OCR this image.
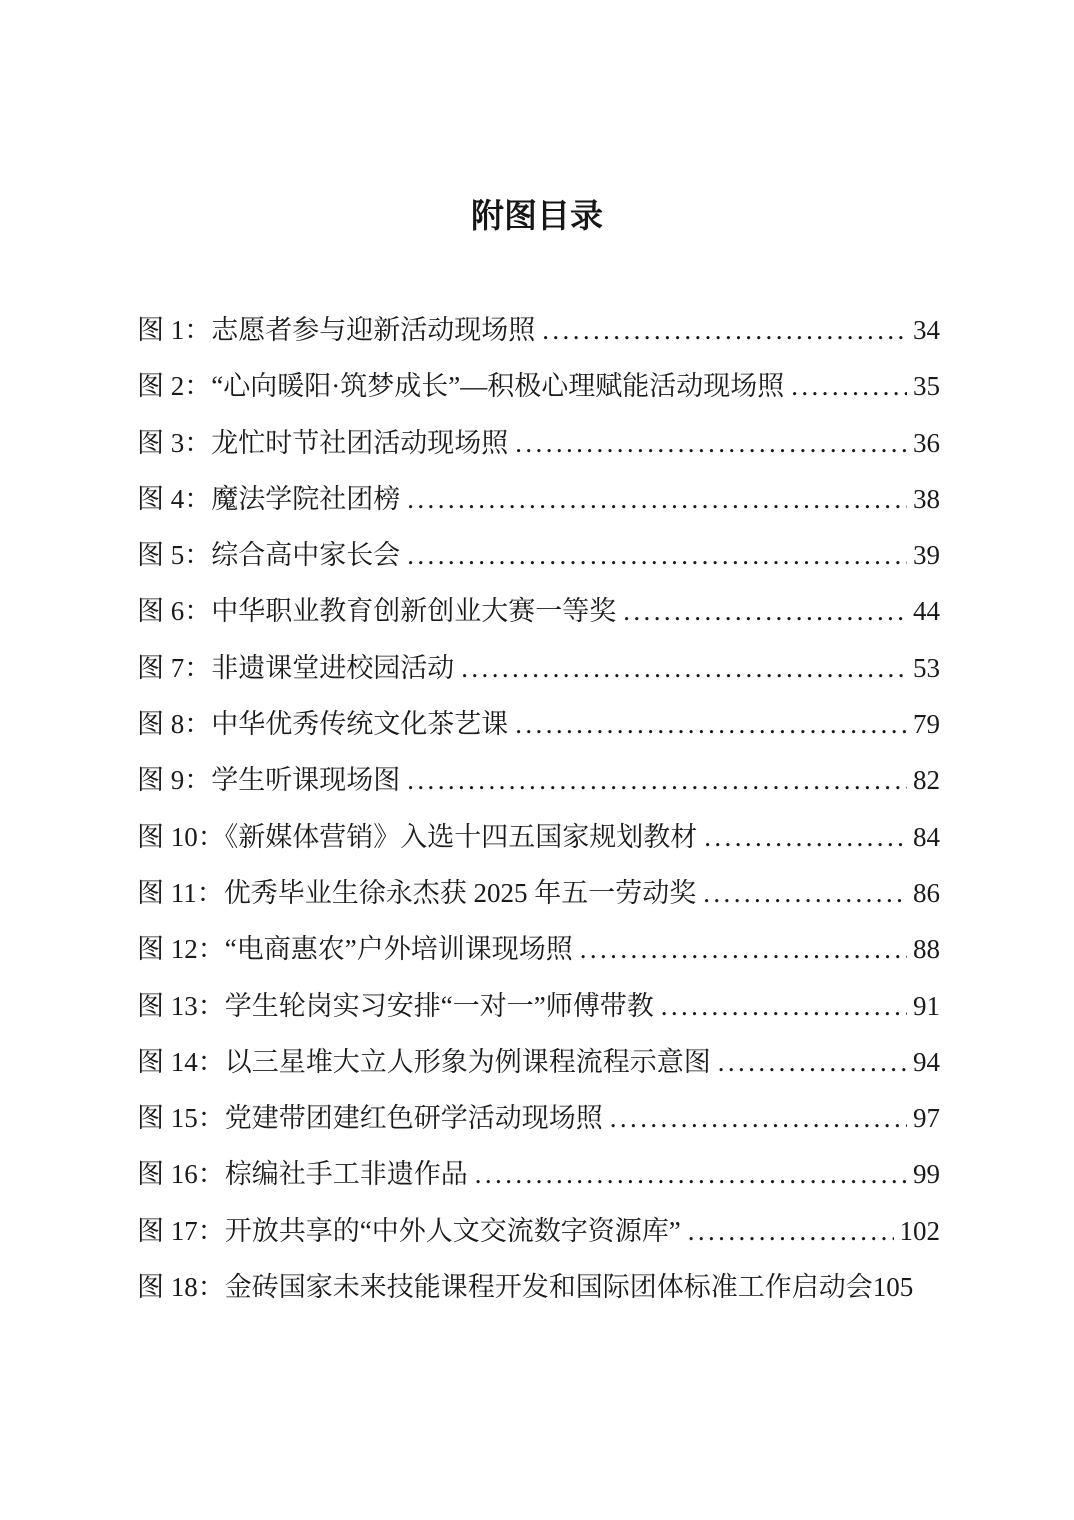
附图目录
图 1：志愿者参与迎新活动现场照 .....	34
图 2：“心向暖阳·筑梦成长”—积极心理赋能活动现场照 .....	35
图 3：龙忙时节社团活动现场照 .....	36
图 4：魔法学院社团榜 .....	38
图 5：综合高中家长会 .....	39
图 6：中华职业教育创新创业大赛一等奖 .....	44
图 7：非遗课堂进校园活动 .....	53
图 8：中华优秀传统文化茶艺课 .....	79
图 9：学生听课现场图 .....	82
图 10：《新媒体营销》入选十四五国家规划教材 .....	84
图 11：优秀毕业生徐永杰获 2025 年五一劳动奖 .....	86
图 12：“电商惠农”户外培训课现场照 .....	88
图 13：学生轮岗实习安排“一对一”师傅带教 .....	91
图 14：以三星堆大立人形象为例课程流程示意图 .....	94
图 15：党建带团建红色研学活动现场照 .....	97
图 16：棕编社手工非遗作品 .....	99
图 17：开放共享的“中外人文交流数字资源库” .....	102
图 18：金砖国家未来技能课程开发和国际团体标准工作启动会 105
